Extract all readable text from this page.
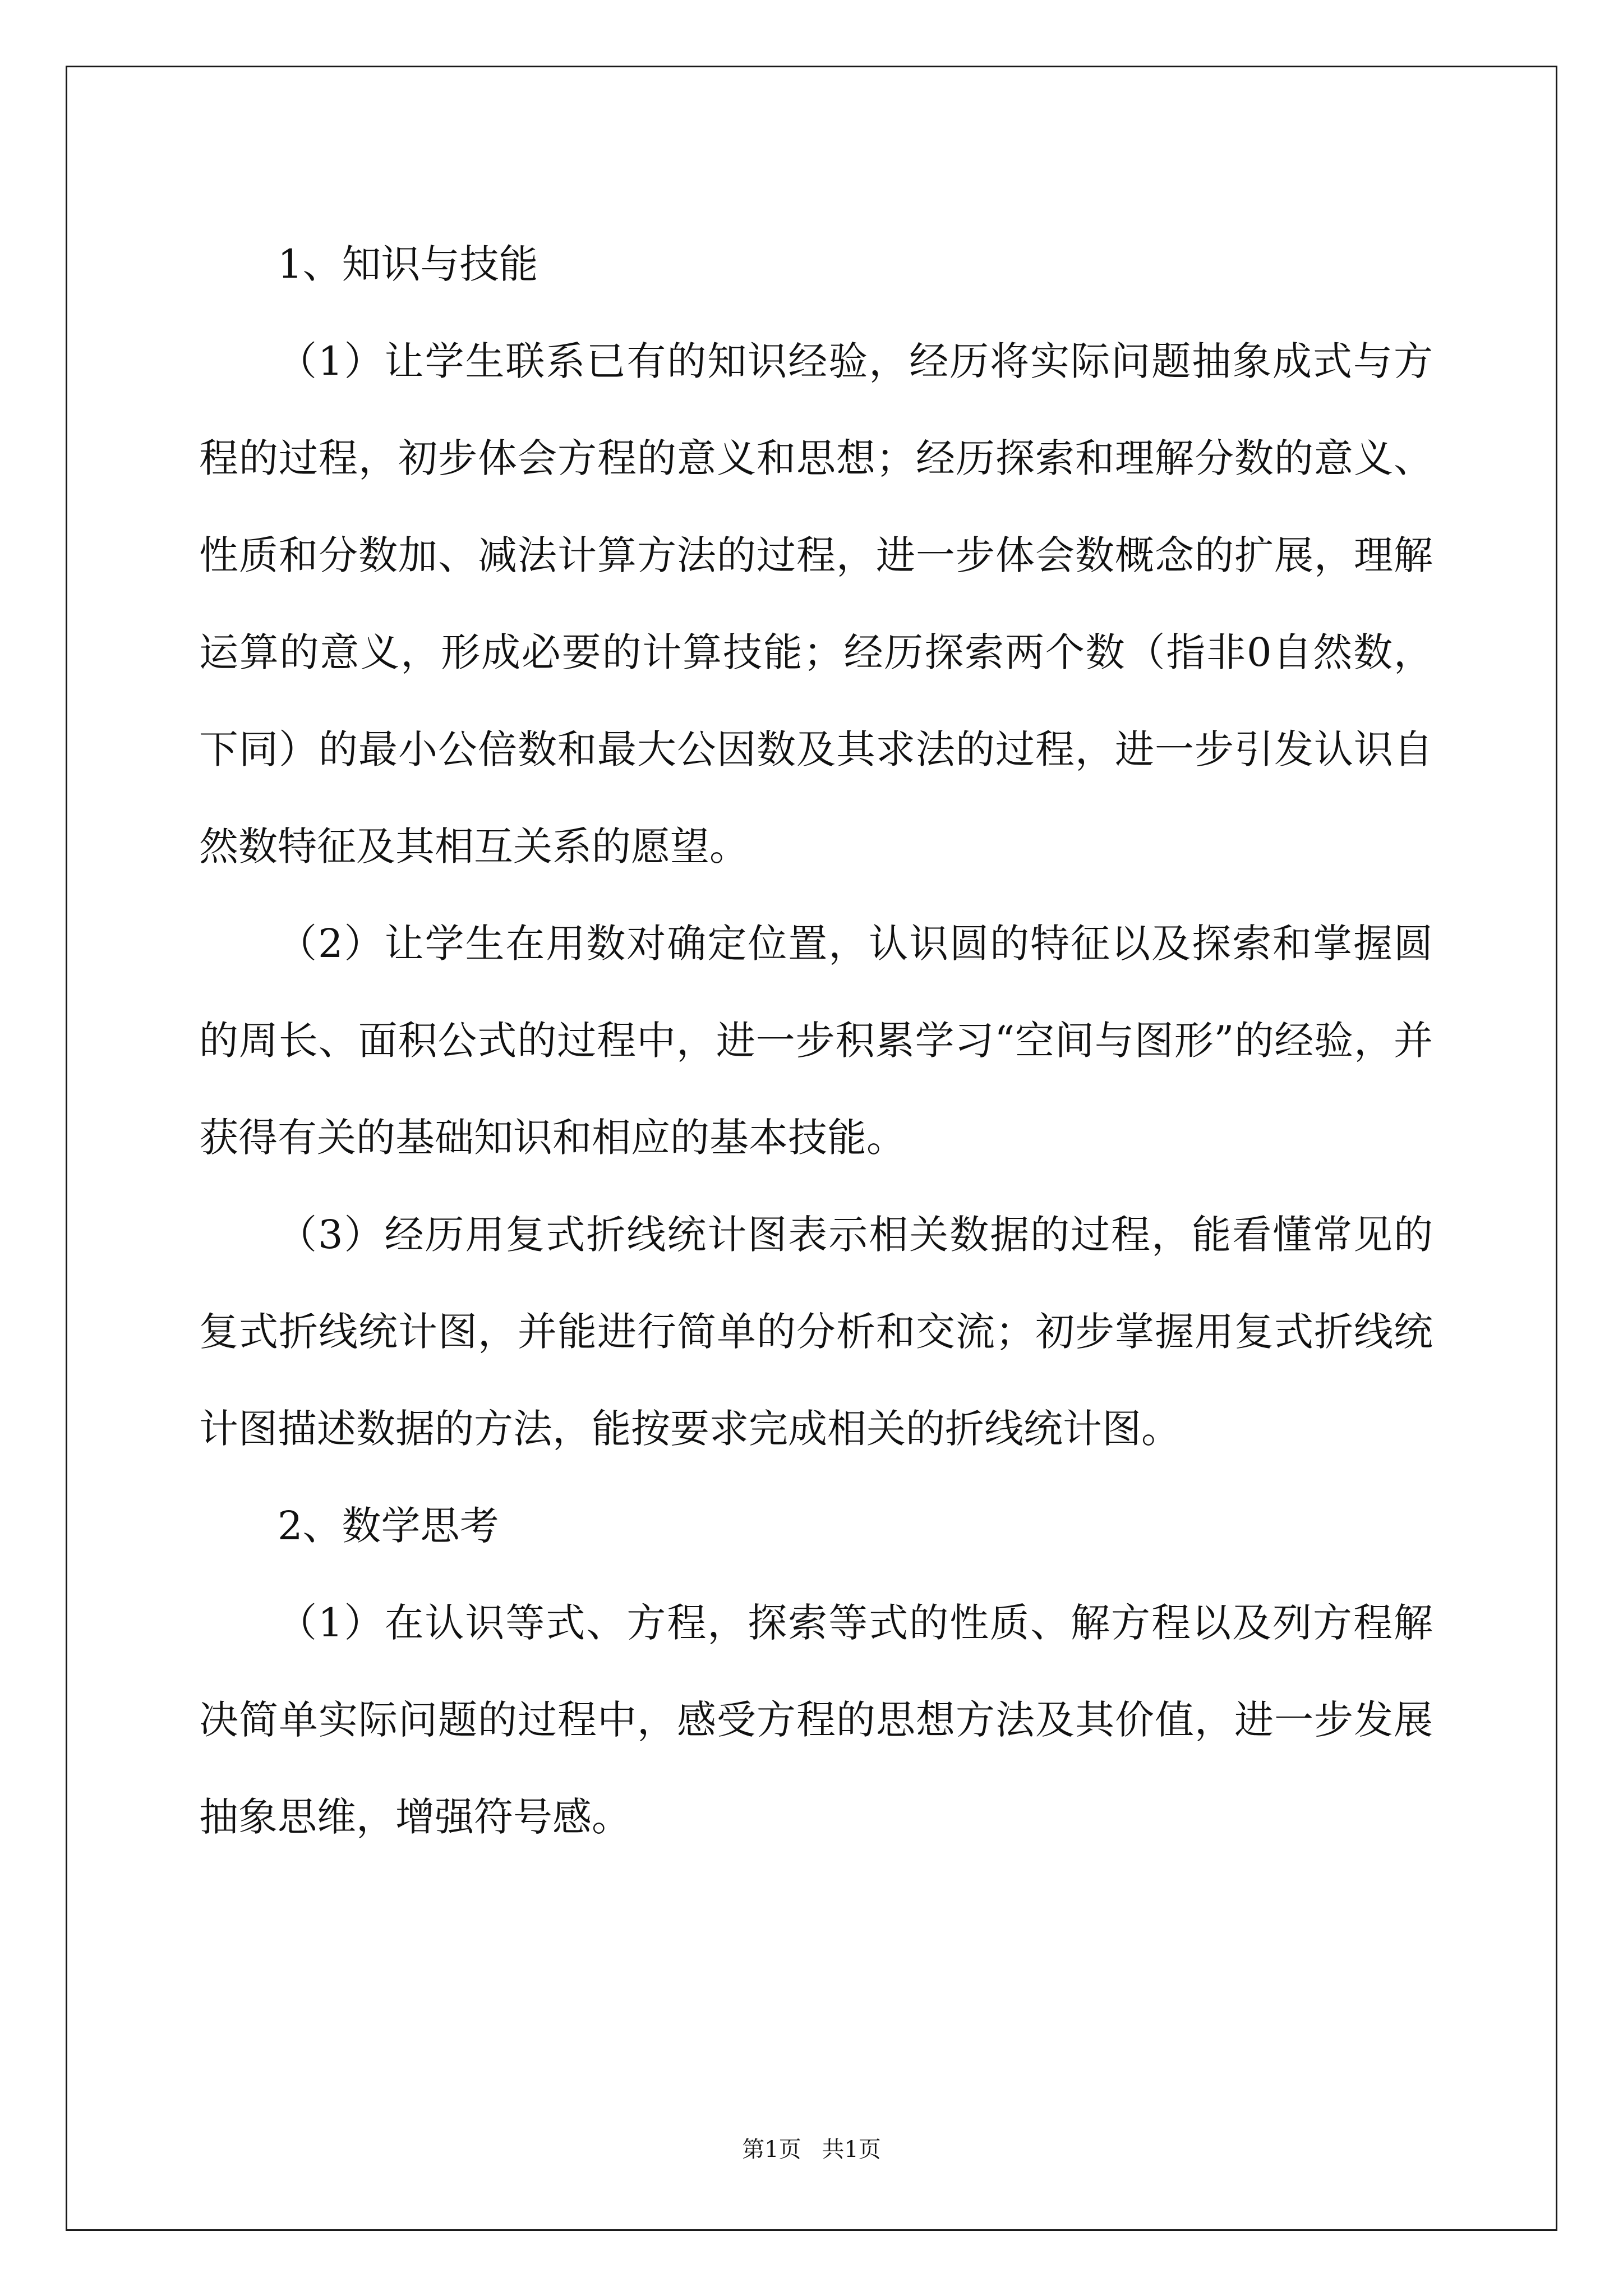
1、知识与技能

（1）让学生联系已有的知识经验，经历将实际问题抽象成式与方程的过程，初步体会方程的意义和思想；经历探索和理解分数的意义、性质和分数加、减法计算方法的过程，进一步体会数概念的扩展，理解运算的意义，形成必要的计算技能；经历探索两个数（指非0自然数，下同）的最小公倍数和最大公因数及其求法的过程，进一步引发认识自然数特征及其相互关系的愿望。

（2）让学生在用数对确定位置，认识圆的特征以及探索和掌握圆的周长、面积公式的过程中，进一步积累学习“空间与图形”的经验，并获得有关的基础知识和相应的基本技能。

（3）经历用复式折线统计图表示相关数据的过程，能看懂常见的复式折线统计图，并能进行简单的分析和交流；初步掌握用复式折线统计图描述数据的方法，能按要求完成相关的折线统计图。

2、数学思考

（1）在认识等式、方程，探索等式的性质、解方程以及列方程解决简单实际问题的过程中，感受方程的思想方法及其价值，进一步发展抽象思维，增强符号感。

第1页 共1页
